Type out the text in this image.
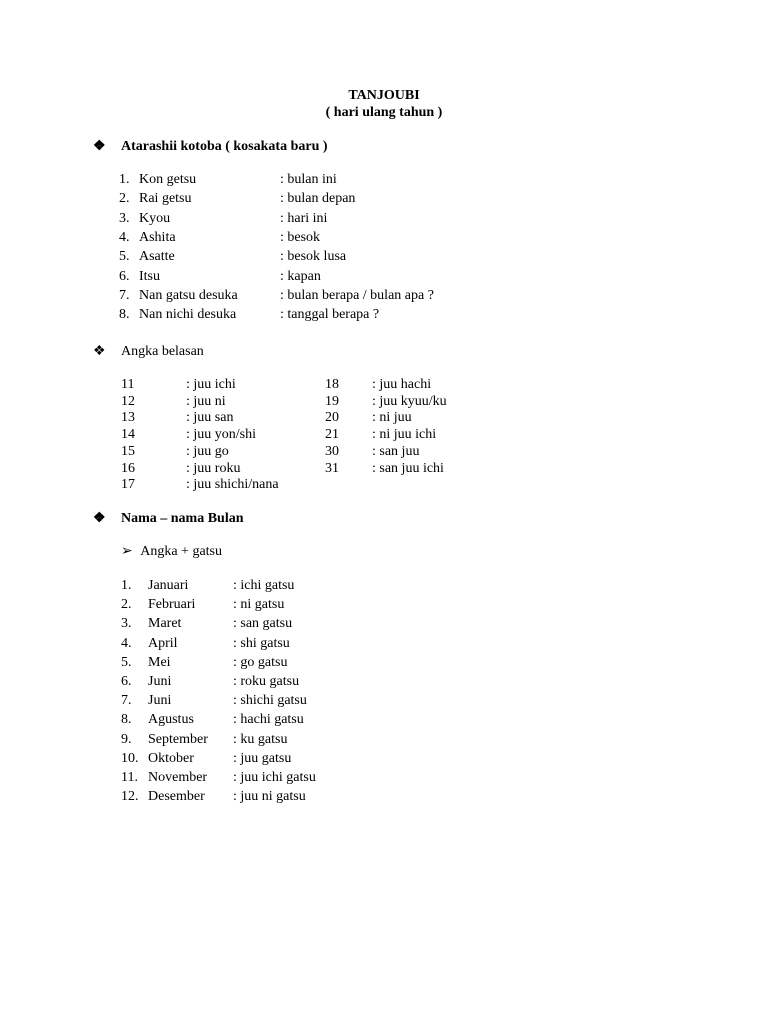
TANJOUBI
( hari ulang tahun )
❖ Atarashii kotoba ( kosakata baru )
1. Kon getsu	: bulan ini
2. Rai getsu	: bulan depan
3. Kyou	: hari ini
4. Ashita	: besok
5. Asatte	: besok lusa
6. Itsu	: kapan
7. Nan gatsu desuka	: bulan berapa / bulan apa ?
8. Nan nichi desuka	: tanggal berapa ?
❖ Angka belasan
11	: juu ichi
12	: juu ni
13	: juu san
14	: juu yon/shi
15	: juu go
16	: juu roku
17	: juu shichi/nana
18 : juu hachi
19 : juu kyuu/ku
20 : ni juu
21 : ni juu ichi
30 : san juu
31 : san juu ichi
❖ Nama – nama Bulan
➢ Angka + gatsu
1. Januari	: ichi gatsu
2. Februari	: ni gatsu
3. Maret	: san gatsu
4. April	: shi gatsu
5. Mei	: go gatsu
6. Juni	: roku gatsu
7. Juni	: shichi gatsu
8. Agustus	: hachi gatsu
9. September : ku gatsu
10. Oktober	: juu gatsu
11. November : juu ichi gatsu
12. Desember : juu ni gatsu
